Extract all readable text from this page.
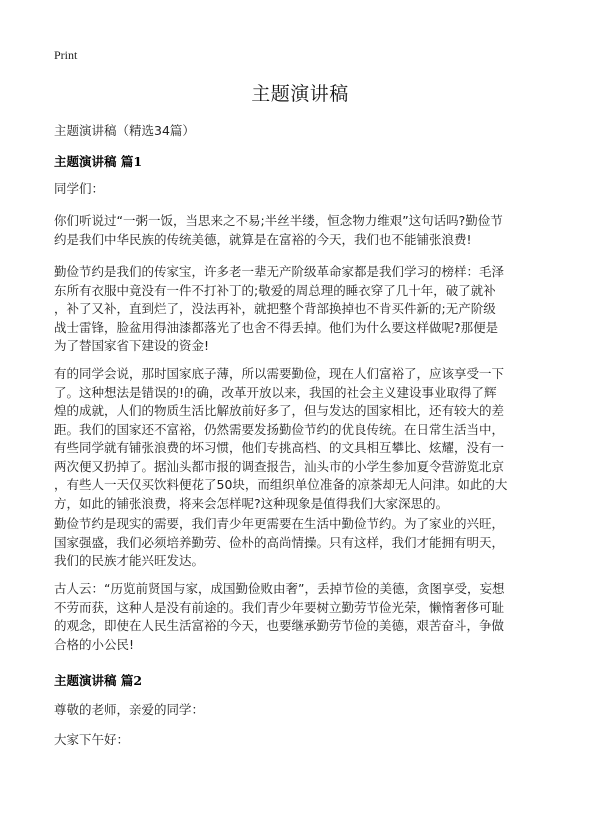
Print
主题演讲稿
主题演讲稿（精选34篇）
主题演讲稿 篇1
同学们：
你们听说过“一粥一饭，当思来之不易;半丝半缕，恒念物力维艰”这句话吗?勤俭节
约是我们中华民族的传统美德，就算是在富裕的今天，我们也不能铺张浪费!
勤俭节约是我们的传家宝，许多老一辈无产阶级革命家都是我们学习的榜样：毛泽
东所有衣服中竟没有一件不打补丁的;敬爱的周总理的睡衣穿了几十年，破了就补
，补了又补，直到烂了，没法再补，就把整个背部换掉也不肯买件新的;无产阶级
战士雷锋，脸盆用得油漆都落光了也舍不得丢掉。他们为什么要这样做呢?那便是
为了替国家省下建设的资金!
有的同学会说，那时国家底子薄，所以需要勤俭，现在人们富裕了，应该享受一下
了。这种想法是错误的!的确，改革开放以来，我国的社会主义建设事业取得了辉
煌的成就，人们的物质生活比解放前好多了，但与发达的国家相比，还有较大的差
距。我们的国家还不富裕，仍然需要发扬勤俭节约的优良传统。在日常生活当中，
有些同学就有铺张浪费的坏习惯，他们专挑高档、的文具相互攀比、炫耀，没有一
两次便又扔掉了。据汕头都市报的调查报告，汕头市的小学生参加夏令营游览北京
，有些人一天仅买饮料便花了50块，而组织单位准备的凉茶却无人问津。如此的大
方，如此的铺张浪费，将来会怎样呢?这种现象是值得我们大家深思的。
勤俭节约是现实的需要，我们青少年更需要在生活中勤俭节约。为了家业的兴旺，
国家强盛，我们必须培养勤劳、俭朴的高尚情操。只有这样，我们才能拥有明天，
我们的民族才能兴旺发达。
古人云：“历览前贤国与家，成国勤俭败由奢”，丢掉节俭的美德，贪图享受，妄想
不劳而获，这种人是没有前途的。我们青少年要树立勤劳节俭光荣，懒惰奢侈可耻
的观念，即使在人民生活富裕的今天，也要继承勤劳节俭的美德，艰苦奋斗，争做
合格的小公民!
主题演讲稿 篇2
尊敬的老师，亲爱的同学：
大家下午好：
